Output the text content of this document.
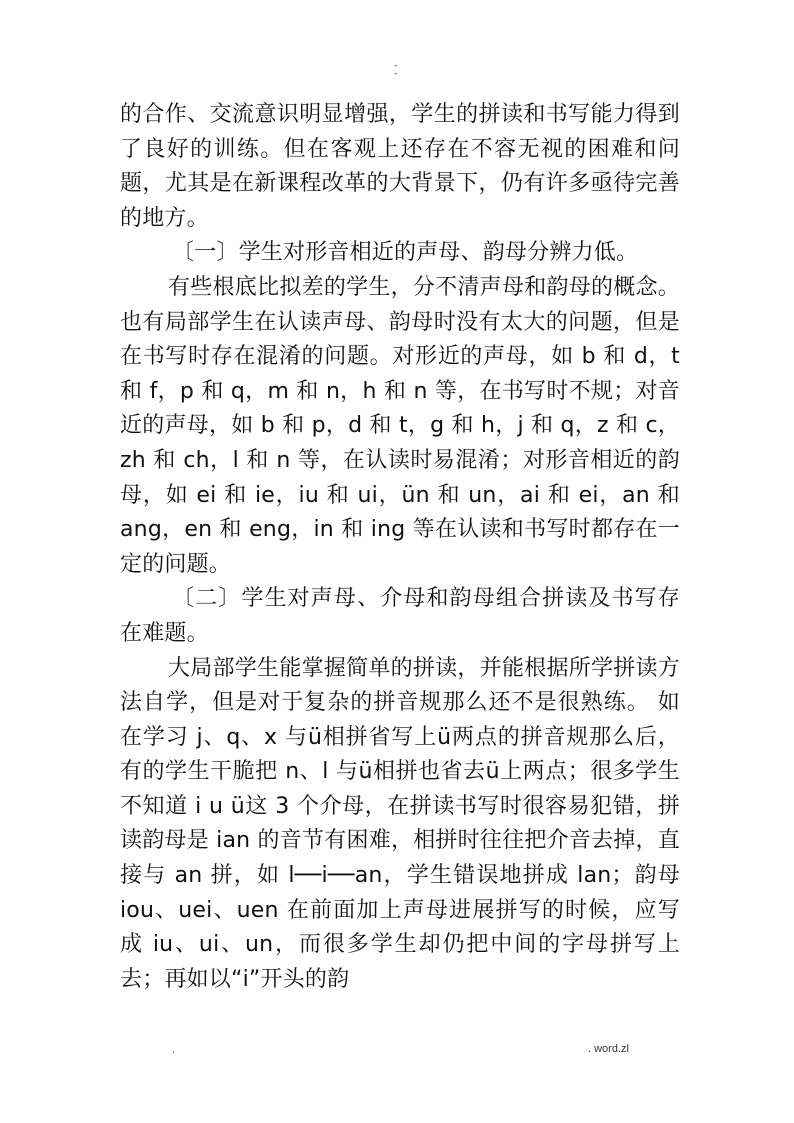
-
-

的合作、交流意识明显增强，学生的拼读和书写能力得到了良好的训练。但在客观上还存在不容无视的困难和问题，尤其是在新课程改革的大背景下，仍有许多亟待完善的地方。

〔一〕学生对形音相近的声母、韵母分辨力低。

有些根底比拟差的学生，分不清声母和韵母的概念。也有局部学生在认读声母、韵母时没有太大的问题，但是在书写时存在混淆的问题。对形近的声母，如 b 和 d，t 和 f，p 和 q，m 和 n，h 和 n 等，在书写时不规；对音近的声母，如 b 和 p，d 和 t，g 和 h，j 和 q，z 和 c，zh 和 ch，l 和 n 等，在认读时易混淆；对形音相近的韵母，如 ei 和 ie，iu 和 ui，ün 和 un，ai 和 ei，an 和 ang，en 和 eng，in 和 ing 等在认读和书写时都存在一定的问题。

〔二〕学生对声母、介母和韵母组合拼读及书写存在难题。

大局部学生能掌握简单的拼读，并能根据所学拼读方法自学，但是对于复杂的拼音规那么还不是很熟练。 如在学习 j、q、x 与ü相拼省写上ü两点的拼音规那么后，有的学生干脆把 n、l 与ü相拼也省去ü上两点；很多学生不知道 i u ü这 3 个介母，在拼读书写时很容易犯错，拼读韵母是 ian 的音节有困难，相拼时往往把介音去掉，直接与 an 拼，如 l──i──an，学生错误地拼成 lan；韵母 iou、uei、uen 在前面加上声母进展拼写的时候，应写成 iu、ui、un，而很多学生却仍把中间的字母拼写上去；再如以“i”开头的韵

.	. word.zl
